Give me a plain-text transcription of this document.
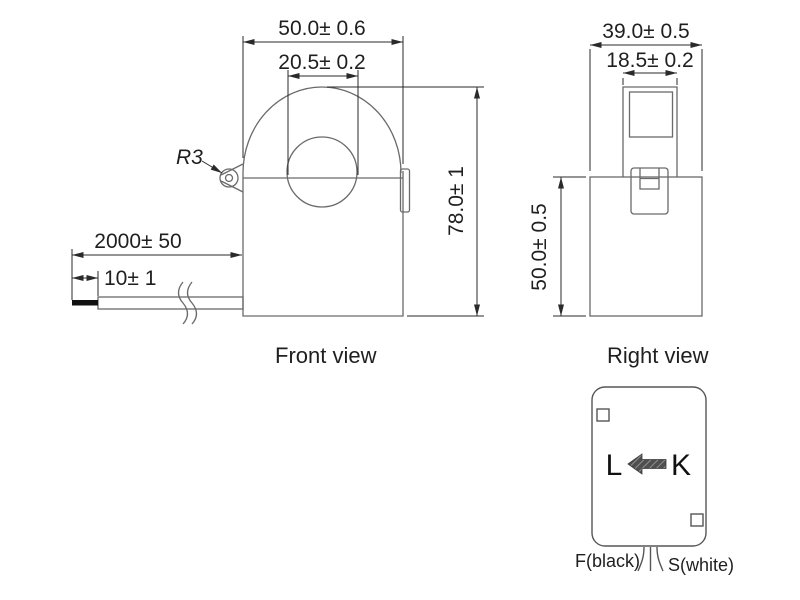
50.0± 0.6
20.5± 0.2
78.0± 1
2000± 50
10± 1
R3
Front view
39.0± 0.5
18.5± 0.2
50.0± 0.5
Right view
L K
F(black) S(white)
